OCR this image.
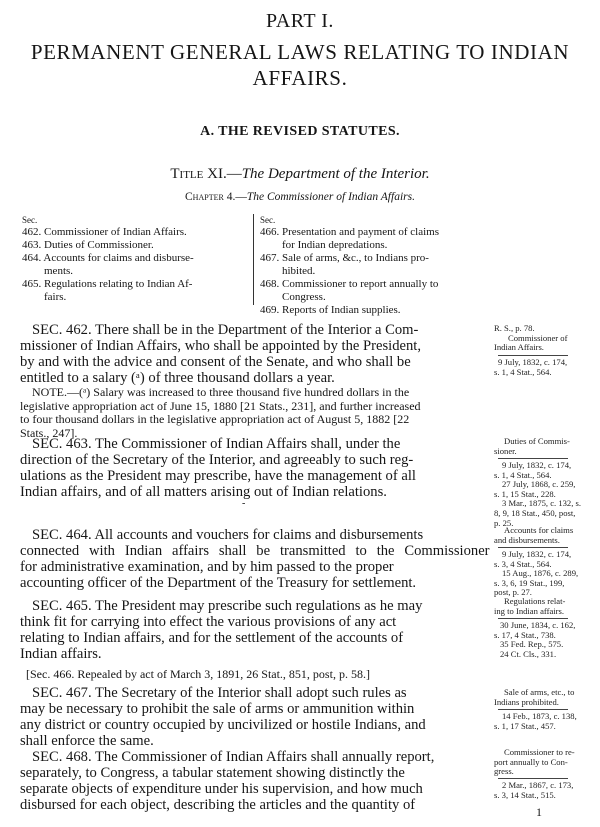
PART I.
PERMANENT GENERAL LAWS RELATING TO INDIAN
AFFAIRS.
A. THE REVISED STATUTES.
Title XI.—The Department of the Interior.
Chapter 4.—The Commissioner of Indian Affairs.
Sec.
462. Commissioner of Indian Affairs.
463. Duties of Commissioner.
464. Accounts for claims and disburse-
ments.
465. Regulations relating to Indian Af-
fairs.
Sec.
466. Presentation and payment of claims
for Indian depredations.
467. Sale of arms, &c., to Indians pro-
hibited.
468. Commissioner to report annually to
Congress.
469. Reports of Indian supplies.
SEC. 462. There shall be in the Department of the Interior a Com-
missioner of Indian Affairs, who shall be appointed by the President,
by and with the advice and consent of the Senate, and who shall be
entitled to a salary (ᵃ) of three thousand dollars a year.
NOTE.—(ᵃ) Salary was increased to three thousand five hundred dollars in the
legislative appropriation act of June 15, 1880 [21 Stats., 231], and further increased
to four thousand dollars in the legislative appropriation act of August 5, 1882 [22
Stats., 247].
SEC. 463. The Commissioner of Indian Affairs shall, under the
direction of the Secretary of the Interior, and agreeably to such reg-
ulations as the President may prescribe, have the management of all
Indian affairs, and of all matters arising out of Indian relations.
-
SEC. 464. All accounts and vouchers for claims and disbursements
connected with Indian affairs shall be transmitted to the Commissioner
for administrative examination, and by him passed to the proper
accounting officer of the Department of the Treasury for settlement.
SEC. 465. The President may prescribe such regulations as he may
think fit for carrying into effect the various provisions of any act
relating to Indian affairs, and for the settlement of the accounts of
Indian affairs.
[Sec. 466. Repealed by act of March 3, 1891, 26 Stat., 851, post, p. 58.]
SEC. 467. The Secretary of the Interior shall adopt such rules as
may be necessary to prohibit the sale of arms or ammunition within
any district or country occupied by uncivilized or hostile Indians, and
shall enforce the same.
SEC. 468. The Commissioner of Indian Affairs shall annually report,
separately, to Congress, a tabular statement showing distinctly the
separate objects of expenditure under his supervision, and how much
disbursed for each object, describing the articles and the quantity of
R. S., p. 78.
Commissioner of
Indian Affairs.
9 July, 1832, c. 174,
s. 1, 4 Stat., 564.
Duties of Commis-
sioner.
9 July, 1832, c. 174,
s. 1, 4 Stat., 564.
27 July, 1868, c. 259,
s. 1, 15 Stat., 228.
3 Mar., 1875, c. 132, s.
8, 9, 18 Stat., 450, post,
p. 25.
Accounts for claims
and disbursements.
9 July, 1832, c. 174,
s. 3, 4 Stat., 564.
15 Aug., 1876, c. 289,
s. 3, 6, 19 Stat., 199,
post, p. 27.
Regulations relat-
ing to Indian affairs.
30 June, 1834, c. 162,
s. 17, 4 Stat., 738.
35 Fed. Rep., 575.
24 Ct. Cls., 331.
Sale of arms, etc., to
Indians prohibited.
14 Feb., 1873, c. 138,
s. 1, 17 Stat., 457.
Commissioner to re-
port annually to Con-
gress.
2 Mar., 1867, c. 173,
s. 3, 14 Stat., 515.
1
